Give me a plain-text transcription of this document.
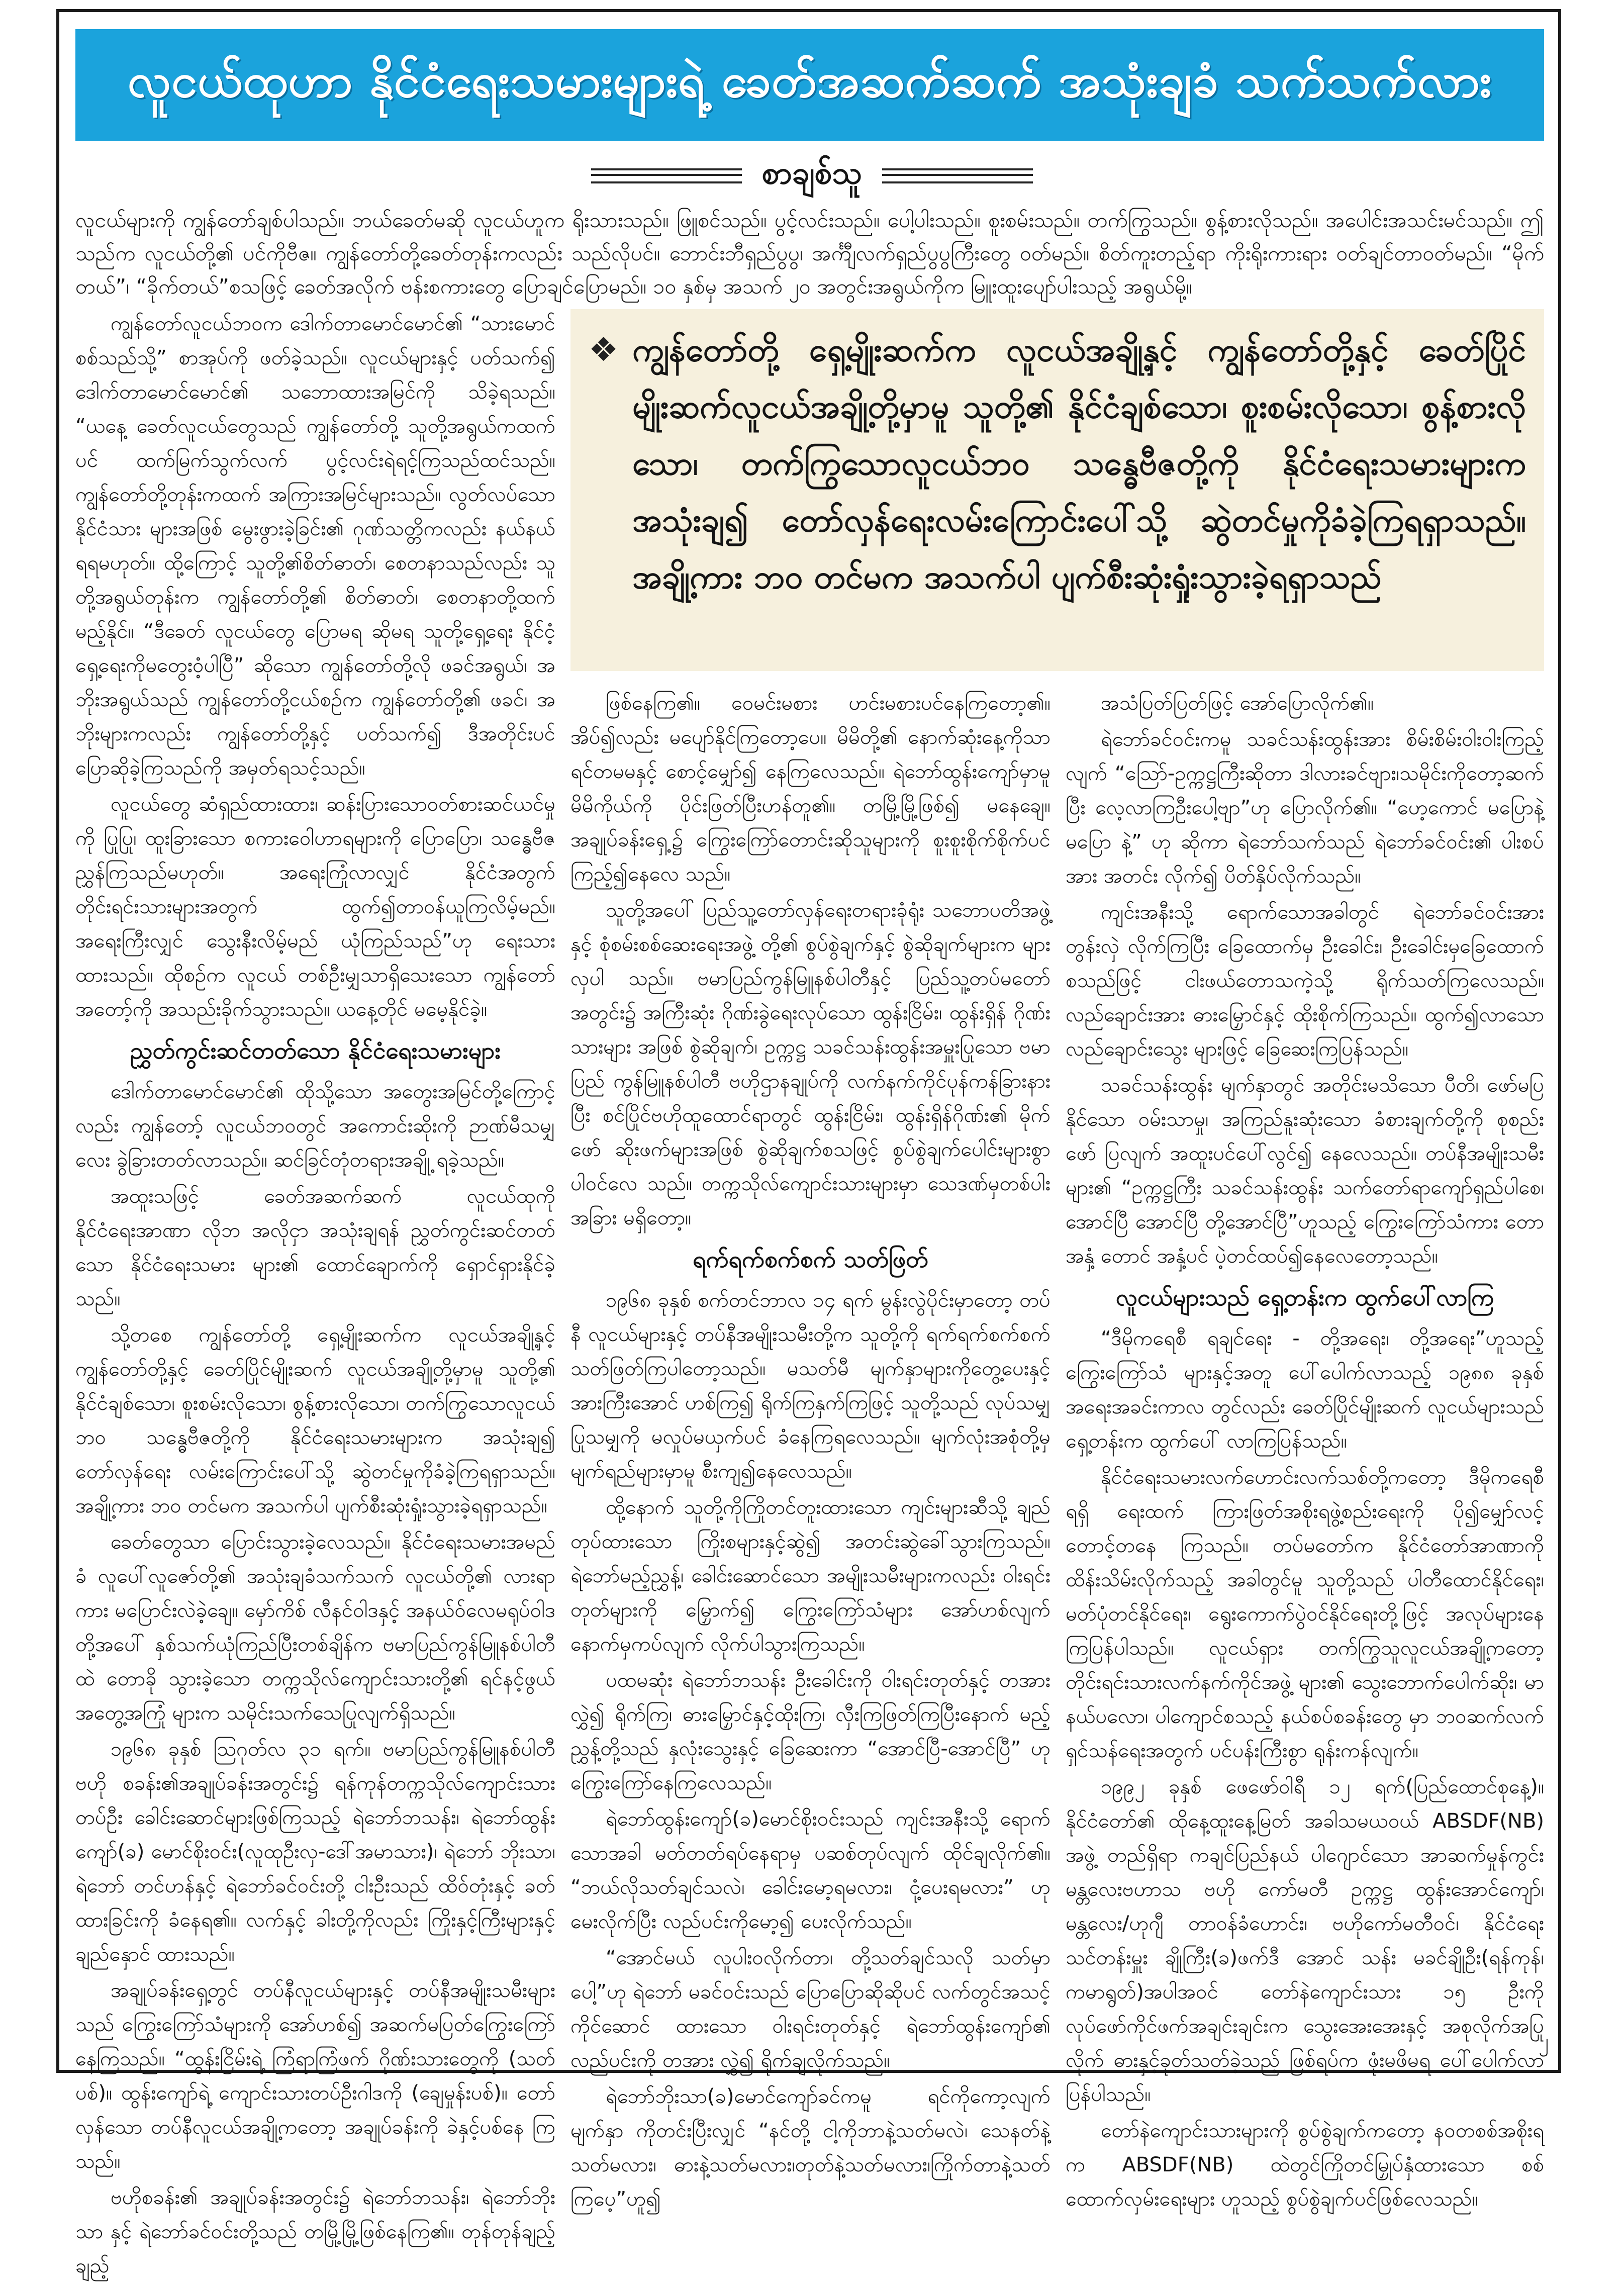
လူငယ်ထုဟာ နိုင်ငံရေးသမားများရဲ့ ခေတ်အဆက်ဆက် အသုံးချခံ သက်သက်လား
စာချစ်သူ

လူငယ်များကို ကျွန်တော်ချစ်ပါသည်။ ဘယ်ခေတ်မဆို လူငယ်ဟူက ရိုးသားသည်။ ဖြူစင်သည်။ ပွင့်လင်းသည်။ ပေါ့ပါးသည်။ စူးစမ်းသည်။ တက်ကြွသည်။ စွန့်စားလိုသည်။ အပေါင်းအသင်းမင်သည်။ ဤသည်က လူငယ်တို့၏ ပင်ကိုဗီဇ။ ကျွန်တော်တို့ခေတ်တုန်းကလည်း သည်လိုပင်။ ဘောင်းဘီရှည်ပွပွ၊ အင်္ကျီလက်ရှည်ပွပွကြီးတွေ ဝတ်မည်။ စိတ်ကူးတည့်ရာ ကိုးရိုးကားရား ဝတ်ချင်တာဝတ်မည်။ “မိုက်တယ်”၊ “ခိုက်တယ်”စသဖြင့် ခေတ်အလိုက် ဗန်းစကားတွေ ပြောချင်ပြောမည်။ ၁၀ နှစ်မှ အသက် ၂၀ အတွင်းအရွယ်ကိုက မြူးထူးပျော်ပါးသည့် အရွယ်မို့။

ကျွန်တော်လူငယ်ဘဝက ဒေါက်တာမောင်မောင်၏ “သားမောင် စစ်သည်သို့” စာအုပ်ကို ဖတ်ခဲ့သည်။ လူငယ်များနှင့် ပတ်သက်၍ ဒေါက်တာမောင်မောင်၏ သဘောထားအမြင်ကို သိခဲ့ရသည်။ “ယနေ့ ခေတ်လူငယ်တွေသည် ကျွန်တော်တို့ သူတို့အရွယ်ကထက်ပင် ထက်မြက်သွက်လက် ပွင့်လင်းရဲရင့်ကြသည်ထင်သည်။ ကျွန်တော်တို့တုန်းကထက် အကြားအမြင်များသည်။ လွတ်လပ်သော နိုင်ငံသား များအဖြစ် မွေးဖွားခဲ့ခြင်း၏ ဂုဏ်သတ္တိကလည်း နယ်နယ်ရရမဟုတ်။ ထို့ကြောင့် သူတို့၏စိတ်ဓာတ်၊ စေတနာသည်လည်း သူတို့အရွယ်တုန်းက ကျွန်တော်တို့၏ စိတ်ဓာတ်၊ စေတနာတို့ထက် မည့်နိုင်။ “ဒီခေတ် လူငယ်တွေ ပြောမရ ဆိုမရ သူတို့ရှေ့ရေး နိုင်ငံ့ရှေ့ရေးကိုမတွေးဝံ့ပါပြီ” ဆိုသော ကျွန်တော်တို့လို ဖခင်အရွယ်၊ အဘိုးအရွယ်သည် ကျွန်တော်တို့ငယ်စဉ်က ကျွန်တော်တို့၏ ဖခင်၊ အဘိုးများကလည်း ကျွန်တော်တို့နှင့် ပတ်သက်၍ ဒီအတိုင်းပင် ပြောဆိုခဲ့ကြသည်ကို အမှတ်ရသင့်သည်။

လူငယ်တွေ ဆံရှည်ထားထား၊ ဆန်းပြားသောဝတ်စားဆင်ယင်မှုကို ပြုပြု၊ ထူးခြားသော စကားဝေါဟာရများကို ပြောပြော၊ သန္ဓေဗီဇ ညွှန်ကြသည်မဟုတ်။ အရေးကြုံလာလျှင် နိုင်ငံအတွက် တိုင်းရင်းသားများအတွက် ထွက်၍တာဝန်ယူကြလိမ့်မည်။ အရေးကြီးလျှင် သွေးနီးလိမ့်မည် ယုံကြည်သည်”ဟု ရေးသားထားသည်။ ထိုစဉ်က လူငယ် တစ်ဦးမျှသာရှိသေးသော ကျွန်တော် အတော့်ကို အသည်းခိုက်သွားသည်။ ယနေ့တိုင် မမေ့နိုင်ခဲ့။

ညွှတ်ကွင်းဆင်တတ်သော နိုင်ငံရေးသမားများ

ဒေါက်တာမောင်မောင်၏ ထိုသို့သော အတွေးအမြင်တို့ကြောင့် လည်း ကျွန်တော့် လူငယ်ဘဝတွင် အကောင်းဆိုးကို ဉာဏ်မီသမျှ လေး ခွဲခြားတတ်လာသည်။ ဆင်ခြင်တုံတရားအချို့ ရခဲ့သည်။

အထူးသဖြင့် ခေတ်အဆက်ဆက် လူငယ်ထုကို နိုင်ငံရေးအာဏာ လိုဘ အလိုငှာ အသုံးချရန် ညွှတ်ကွင်းဆင်တတ်သော နိုင်ငံရေးသမား များ၏ ထောင်ချောက်ကို ရှောင်ရှားနိုင်ခဲ့သည်။

သို့တစေ ကျွန်တော်တို့ ရှေ့မျိုးဆက်က လူငယ်အချို့နှင့် ကျွန်တော်တို့နှင့် ခေတ်ပြိုင်မျိုးဆက် လူငယ်အချို့တို့မှာမူ သူတို့၏ နိုင်ငံချစ်သော၊ စူးစမ်းလိုသော၊ စွန့်စားလိုသော၊ တက်ကြွသောလူငယ် ဘဝ သန္ဓေဗီဇတို့ကို နိုင်ငံရေးသမားများက အသုံးချ၍ တော်လှန်ရေး လမ်းကြောင်းပေါ်သို့ ဆွဲတင်မှုကိုခံခဲ့ကြရရှာသည်။ အချို့ကား ဘဝ တင်မက အသက်ပါ ပျက်စီးဆုံးရှုံးသွားခဲ့ရရှာသည်။

ခေတ်တွေသာ ပြောင်းသွားခဲ့လေသည်။ နိုင်ငံရေးသမားအမည်ခံ လူပေါ်လူဇော်တို့၏ အသုံးချခံသက်သက် လူငယ်တို့၏ လားရာကား မပြောင်းလဲခဲ့ချေ။ မှော်ကိစ် လီနင်ဝါဒနှင့် အနယ်ဝ်လေမရုပ်ဝါဒတို့အပေါ် နှစ်သက်ယုံကြည်ပြီးတစ်ချိန်က ဗမာပြည်ကွန်မြူနစ်ပါတီထဲ တောခို သွားခဲ့သော တက္ကသိုလ်ကျောင်းသားတို့၏ ရင်နင့်ဖွယ် အတွေ့အကြုံ များက သမိုင်းသက်သေပြုလျက်ရှိသည်။

၁၉၆၈ ခုနှစ် ဩဂုတ်လ ၃၁ ရက်။ ဗမာပြည်ကွန်မြူနစ်ပါတီ ဗဟို စခန်း၏အချုပ်ခန်းအတွင်း၌ ရန်ကုန်တက္ကသိုလ်ကျောင်းသား တပ်ဦး ခေါင်းဆောင်များဖြစ်ကြသည့် ရဲဘော်ဘသန်း၊ ရဲဘော်ထွန်းကျော်(ခ) မောင်စိုးဝင်း(လူထုဦးလှ-ဒေါ်အမာသား)၊ ရဲဘော် ဘိုးသာ၊ ရဲဘော် တင်ဟန်နှင့် ရဲဘော်ခင်ဝင်းတို့ ငါးဦးသည် ထိဝ်တုံးနှင့် ခတ်ထားခြင်းကို ခံနေရ၏။ လက်နှင့် ခါးတို့ကိုလည်း ကြိုးနှင့်ကြီးများနှင့် ချည်နှောင် ထားသည်။

အချုပ်ခန်းရှေ့တွင် တပ်နီလူငယ်များနှင့် တပ်နီအမျိုးသမီးများ သည် ကြွေးကြော်သံများကို အော်ဟစ်၍ အဆက်မပြတ်ကြွေးကြော် နေကြသည်။ “ထွန်းငြိမ်းရဲ့ ကြံရာကြံဖက် ဂိုဏ်းသားတွေကို (သတ်ပစ်)။ ထွန်းကျော်ရဲ့ ကျောင်းသားတပ်ဦးဂါဒကို (ချေမှုန်းပစ်)။ တော်လှန်သော တပ်နီလူငယ်အချို့ကတော့ အချုပ်ခန်းကို ခဲနှင့်ပစ်နေ ကြသည်။

ဗဟိုစခန်း၏ အချုပ်ခန်းအတွင်း၌ ရဲဘော်ဘသန်း၊ ရဲဘော်ဘိုးသာ နှင့် ရဲဘော်ခင်ဝင်းတို့သည် တမြို့မြို့ဖြစ်နေကြ၏။ တုန်တုန်ချည့်ချည့်

❖ ကျွန်တော်တို့ ရှေ့မျိုးဆက်က လူငယ်အချို့နှင့် ကျွန်တော်တို့နှင့် ခေတ်ပြိုင် မျိုးဆက်လူငယ်အချို့တို့မှာမူ သူတို့၏ နိုင်ငံချစ်သော၊ စူးစမ်းလိုသော၊ စွန့်စားလိုသော၊ တက်ကြွသောလူငယ်ဘဝ သန္ဓေဗီဇတို့ကို နိုင်ငံရေးသမားများက အသုံးချ၍ တော်လှန်ရေးလမ်းကြောင်းပေါ်သို့ ဆွဲတင်မှုကိုခံခဲ့ကြရရှာသည်။ အချို့ကား ဘဝ တင်မက အသက်ပါ ပျက်စီးဆုံးရှုံးသွားခဲ့ရရှာသည်

ဖြစ်နေကြ၏။ ဝေမင်းမစား ဟင်းမစားပင်နေကြတော့၏။ အိပ်၍လည်း မပျော်နိုင်ကြတော့ပေ။ မိမိတို့၏ နောက်ဆုံးနေ့ကိုသာ ရင်တမမနှင့် စောင့်မျှော်၍ နေကြလေသည်။ ရဲဘော်ထွန်းကျော်မှာမူ မိမိကိုယ်ကို ပိုင်းဖြတ်ပြီးဟန်တူ၏။ တမြို့မြို့ဖြစ်၍ မနေချေ။ အချုပ်ခန်းရှေ့၌ ကြွေးကြော်တောင်းဆိုသူများကို စူးစူးစိုက်စိုက်ပင် ကြည့်၍နေလေ သည်။

သူတို့အပေါ် ပြည်သူ့တော်လှန်ရေးတရားခုံရုံး သဘောပတိအဖွဲ့နှင့် စုံစမ်းစစ်ဆေးရေးအဖွဲ့ တို့၏ စွပ်စွဲချက်နှင့် စွဲဆိုချက်များက များလှပါ သည်။ ဗမာပြည်ကွန်မြူနစ်ပါတီနှင့် ပြည်သူ့တပ်မတော်အတွင်း၌ အကြီးဆုံး ဂိုဏ်းခွဲရေးလုပ်သော ထွန်းငြိမ်း၊ ထွန်းရှိန် ဂိုဏ်းသားများ အဖြစ် စွဲဆိုချက်၊ ဥက္ကဋ္ဌ သခင်သန်းထွန်းအမှူးပြုသော ဗမာပြည် ကွန်မြူနစ်ပါတီ ဗဟိုဌာနချုပ်ကို လက်နက်ကိုင်ပုန်ကန်ခြားနားပြီး စင်ပြိုင်ဗဟိုထူထောင်ရာတွင် ထွန်းငြိမ်း၊ ထွန်းရှိန်ဂိုဏ်း၏ မိုက်ဖော် ဆိုးဖက်များအဖြစ် စွဲဆိုချက်စသဖြင့် စွပ်စွဲချက်ပေါင်းများစွာ ပါဝင်လေ သည်။ တက္ကသိုလ်ကျောင်းသားများမှာ သေဒဏ်မှတစ်ပါး အခြား မရှိတော့။

ရက်ရက်စက်စက် သတ်ဖြတ်

၁၉၆၈ ခုနှစ် စက်တင်ဘာလ ၁၄ ရက် မွန်းလွဲပိုင်းမှာတော့ တပ်နီ လူငယ်များနှင့် တပ်နီအမျိုးသမီးတို့က သူတို့ကို ရက်ရက်စက်စက် သတ်ဖြတ်ကြပါတော့သည်။ မသတ်မီ မျက်နှာများကိုတွေ့ပေးနှင့် အားကြီးအောင် ဟစ်ကြ၍ ရိုက်ကြနှက်ကြဖြင့် သူတို့သည် လုပ်သမျှ ပြုသမျှကို မလှုပ်မယှက်ပင် ခံနေကြရလေသည်။ မျက်လုံးအစုံတို့မှ မျက်ရည်များမှာမူ စီးကျ၍နေလေသည်။

ထို့နောက် သူတို့ကိုကြိုတင်တူးထားသော ကျင်းများဆီသို့ ချည် တုပ်ထားသော ကြိုးစများနှင့်ဆွဲ၍ အတင်းဆွဲခေါ်သွားကြသည်။ ရဲဘော်မည့်ညွှန့်၊ ခေါင်းဆောင်သော အမျိုးသမီးများကလည်း ဝါးရင်း တုတ်များကို မြှောက်၍ ကြွေးကြော်သံများ အော်ဟစ်လျက် နောက်မှကပ်လျက် လိုက်ပါသွားကြသည်။

ပထမဆုံး ရဲဘော်ဘသန်း ဦးခေါင်းကို ဝါးရင်းတုတ်နှင့် တအား လွှဲ၍ ရိုက်ကြ၊ ဓားမြှောင်နှင့်ထိုးကြ၊ လှီးကြဖြတ်ကြပြီးနောက် မည့်ညွှန့်တို့သည် နှလုံးသွေးနှင့် ခြေဆေးကာ “အောင်ပြီ-အောင်ပြီ” ဟု ကြွေးကြော်နေကြလေသည်။

ရဲဘော်ထွန်းကျော်(ခ)မောင်စိုးဝင်းသည် ကျင်းအနီးသို့ ရောက် သောအခါ မတ်တတ်ရပ်နေရာမှ ပဆစ်တုပ်လျက် ထိုင်ချလိုက်၏။ “ဘယ်လိုသတ်ချင်သလဲ၊ ခေါင်းမော့ရမလား၊ ငုံ့ပေးရမလား” ဟု မေးလိုက်ပြီး လည်ပင်းကိုမော့၍ ပေးလိုက်သည်။

“အောင်မယ် လူပါးဝလိုက်တာ၊ တို့သတ်ချင်သလို သတ်မှာပေါ့”ဟု ရဲဘော် မခင်ဝင်းသည် ပြောပြောဆိုဆိုပင် လက်တွင်အသင့်ကိုင်ဆောင် ထားသော ဝါးရင်းတုတ်နှင့် ရဲဘော်ထွန်းကျော်၏ လည်ပင်းကို တအား လွှဲ၍ ရိုက်ချလိုက်သည်။

ရဲဘော်ဘိုးသာ(ခ)မောင်ကျော်ခင်ကမူ ရင်ကိုကော့လျက် မျက်နှာ ကိုတင်းပြီးလျှင် “နင်တို့ ငါ့ကိုဘာနဲ့သတ်မလဲ၊ သေနတ်နဲ့သတ်မလား၊ ဓားနဲ့သတ်မလား၊တုတ်နဲ့သတ်မလား၊ကြိုက်တာနဲ့သတ်ကြပေ့”ဟူ၍

အသံပြတ်ပြတ်ဖြင့် အော်ပြောလိုက်၏။

ရဲဘော်ခင်ဝင်းကမူ သခင်သန်းထွန်းအား စိမ်းစိမ်းဝါးဝါးကြည့် လျက် “ဩော်-ဥက္ကဋ္ဌကြီးဆိုတာ ဒါလားခင်ဗျား၊သမိုင်းကိုတော့ဆက်ပြီး လေ့လာကြဦးပေါ့ဗျာ”ဟု ပြောလိုက်၏။ “ဟေ့ကောင် မပြောနဲ့ မပြော နဲ့” ဟု ဆိုကာ ရဲဘော်သက်သည် ရဲဘော်ခင်ဝင်း၏ ပါးစပ်အား အတင်း လိုက်၍ ပိတ်နှိပ်လိုက်သည်။

ကျင်းအနီးသို့ ရောက်သောအခါတွင် ရဲဘော်ခင်ဝင်းအား တွန်းလှဲ လိုက်ကြပြီး ခြေထောက်မှ ဦးခေါင်း၊ ဦးခေါင်းမှခြေထောက် စသည်ဖြင့် ငါးဖယ်တောသကဲ့သို့ ရိုက်သတ်ကြလေသည်။ လည်ချောင်းအား ဓားမြှောင်နှင့် ထိုးစိုက်ကြသည်။ ထွက်၍လာသော လည်ချောင်းသွေး များဖြင့် ခြေဆေးကြပြန်သည်။

သခင်သန်းထွန်း မျက်နှာတွင် အတိုင်းမသိသော ပီတိ၊ ဖော်မပြ နိုင်သော ဝမ်းသာမှု၊ အကြည်နူးဆုံးသော ခံစားချက်တို့ကို စုစည်းဖော် ပြလျက် အထူးပင်ပေါ်လွင်၍ နေလေသည်။ တပ်နီအမျိုးသမီးများ၏ “ဥက္ကဋ္ဌကြီး သခင်သန်းထွန်း သက်တော်ရာကျော်ရှည်ပါစေ၊ အောင်ပြီ အောင်ပြီ တို့အောင်ပြီ”ဟူသည့် ကြွေးကြော်သံကား တောအနှံ့ တောင် အနှံ့ပင် ပဲ့တင်ထပ်၍နေလေတော့သည်။

လူငယ်များသည် ရှေ့တန်းက ထွက်ပေါ်လာကြ

“ဒီမိုကရေစီ ရချင်ရေး - တို့အရေး၊ တို့အရေး”ဟူသည့် ကြွေးကြော်သံ များနှင့်အတူ ပေါ်ပေါက်လာသည့် ၁၉၈၈ ခုနှစ် အရေးအခင်းကာလ တွင်လည်း ခေတ်ပြိုင်မျိုးဆက် လူငယ်များသည် ရှေ့တန်းက ထွက်ပေါ် လာကြပြန်သည်။

နိုင်ငံရေးသမားလက်ဟောင်းလက်သစ်တို့ကတော့ ဒီမိုကရေစီရရှိ ရေးထက် ကြားဖြတ်အစိုးရဖွဲ့စည်းရေးကို ပို၍မျှော်လင့်တောင့်တနေ ကြသည်။ တပ်မတော်က နိုင်ငံတော်အာဏာကို ထိန်းသိမ်းလိုက်သည့် အခါတွင်မူ သူတို့သည် ပါတီထောင်နိုင်ရေး၊ မတ်ပုံတင်နိုင်ရေး၊ ရွေးကောက်ပွဲဝင်နိုင်ရေးတို့ဖြင့် အလုပ်များနေကြပြန်ပါသည်။ လူငယ်ရှား တက်ကြွသူလူငယ်အချို့ကတော့ တိုင်းရင်းသားလက်နက်ကိုင်အဖွဲ့ များ၏ သွေးဘောက်ပေါက်ဆိုး၊ မာနယ်ပလော၊ ပါကျောင်စသည့် နယ်စပ်စခန်းတွေ မှာ ဘဝဆက်လက်ရှင်သန်ရေးအတွက် ပင်ပန်းကြီးစွာ ရုန်းကန်လျက်။

၁၉၉၂ ခုနှစ် ဖေဖော်ဝါရီ ၁၂ ရက်(ပြည်ထောင်စုနေ့)။ နိုင်ငံတော်၏ ထိုနေ့ထူးနေ့မြတ် အခါသမယဝယ် ABSDF(NB) အဖွဲ့ တည်ရှိရာ ကချင်ပြည်နယ် ပါဂျောင်သော အာဆက်မှုန်ကွင်း မန္တလေးဗဟာသ ဗဟို ကော်မတီ ဥက္ကဋ္ဌ ထွန်းအောင်ကျော်၊ မန္တလေး/ဟုဂျီ တာဝန်ခံဟောင်း၊ ဗဟိုကော်မတီဝင်၊ နိုင်ငံရေးသင်တန်းမှူး ချိုကြီး(ခ)ဖက်ဒီ အောင် သန်း မခင်ချိုဦး(ရန်ကုန်၊ ကမာရွတ်)အပါအဝင် တော်နဲကျောင်းသား ၁၅ ဦးကို လုပ်ဖော်ကိုင်ဖက်အချင်းချင်းက သွေးအေးအေးနှင့် အစုလိုက်အပြုလိုက် ဓားနှင့်ခုတ်သတ်ခဲ့သည့် ဖြစ်ရပ်က ဖုံးမဖိမရ ပေါ်ပေါက်လာပြန်ပါသည်။

တော်နဲကျောင်းသားများကို စွပ်စွဲချက်ကတော့ နဝတစစ်အစိုးရက ABSDF(NB) ထဲတွင်ကြိုတင်မြှုပ်နှံထားသော စစ်ထောက်လှမ်းရေးများ ဟူသည့် စွပ်စွဲချက်ပင်ဖြစ်လေသည်။

၂
